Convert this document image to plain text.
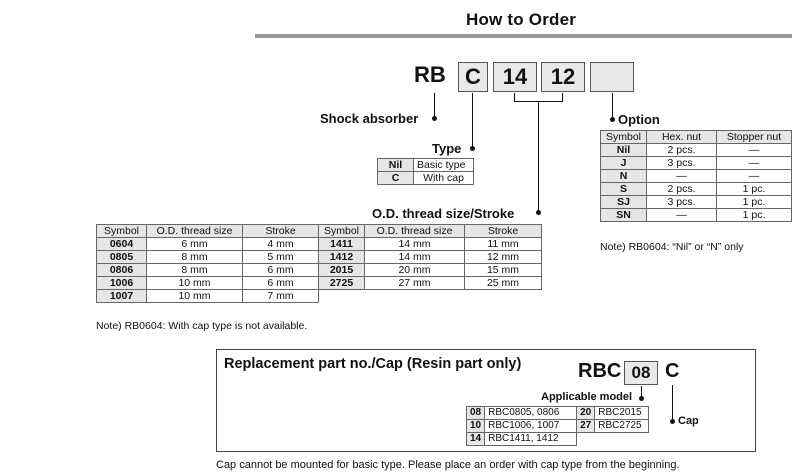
How to Order
RB C 14	12
Shock absorber
Type
Nil	Basic type
C	With cap
O.D. thread size/Stroke
Option
Symbol	Hex. nut	Stopper nut
Nil	2 pcs.	—
J	3 pcs.	—
N	—	—
S	2 pcs.	1 pc.
SJ	3 pcs.	1 pc.
SN	—	1 pc.
Note) RB0604: “Nil” or “N” only
Symbol	O.D. thread size	Stroke	Symbol	O.D. thread size	Stroke
0604	6 mm	4 mm	1411	14 mm	11 mm
0805	8 mm	5 mm	1412	14 mm	12 mm
0806	8 mm	6 mm	2015	20 mm	15 mm
1006	10 mm	6 mm	2725	27 mm	25 mm
1007	10 mm	7 mm			
Note) RB0604: With cap type is not available.
Replacement part no./Cap (Resin part only)	RBC 08 C
Applicable model
Cap
08	RBC0805, 0806	20	RBC2015
10	RBC1006, 1007	27	RBC2725
14	RBC1411, 1412		
Cap cannot be mounted for basic type. Please place an order with cap type from the beginning.
